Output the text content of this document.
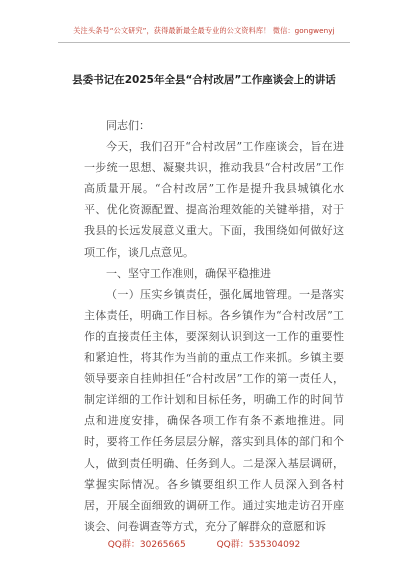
关注头条号“公文研究”，获得最新最全最专业的公文资料库！ 微信：gongwenyj
县委书记在2025年全县“合村改居”工作座谈会上的讲话

同志们：

今天，我们召开“合村改居”工作座谈会，旨在进一步统一思想、凝聚共识，推动我县“合村改居”工作高质量开展。“合村改居”工作是提升我县城镇化水平、优化资源配置、提高治理效能的关键举措，对于我县的长远发展意义重大。下面，我围绕如何做好这项工作，谈几点意见。

一、坚守工作准则，确保平稳推进

（一）压实乡镇责任，强化属地管理。一是落实主体责任，明确工作目标。各乡镇作为“合村改居”工作的直接责任主体，要深刻认识到这一工作的重要性和紧迫性，将其作为当前的重点工作来抓。乡镇主要领导要亲自挂帅担任“合村改居”工作的第一责任人，制定详细的工作计划和目标任务，明确工作的时间节点和进度安排，确保各项工作有条不紊地推进。同时，要将工作任务层层分解，落实到具体的部门和个人，做到责任明确、任务到人。二是深入基层调研，掌握实际情况。各乡镇要组织工作人员深入到各村居，开展全面细致的调研工作。通过实地走访召开座谈会、问卷调查等方式，充分了解群众的意愿和诉

QQ群：30265665	QQ群：535304092
